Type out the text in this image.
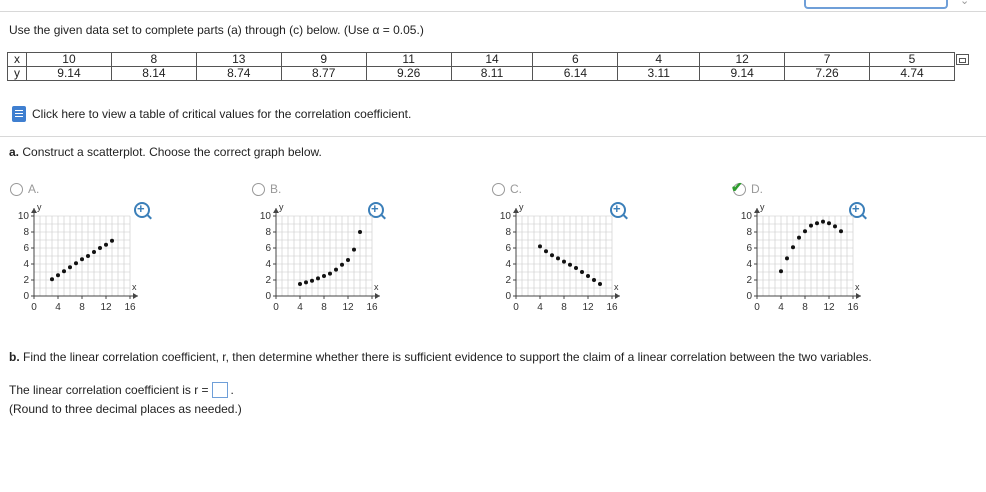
⌄
Use the given data set to complete parts (a) through (c) below. (Use α = 0.05.)
x	10	8	13	9	11	14	6	4	12	7	5
y	9.14	8.14	8.74	8.77	9.26	8.11	6.14	3.11	9.14	7.26	4.74
Click here to view a table of critical values for the correlation coefficient.
a. Construct a scatterplot. Choose the correct graph below.
A.
+
0 4 8 12 16
0
2
4
6
8
10
x
y
B.
+
0 4 8 12 16
0
2
4
6
8
10
x
y
C.
+
0 4 8 12 16
0
2
4
6
8
10
x
y
✔ D.
+
0 4 8 12 16
0
2
4
6
8
10
x
y
b. Find the linear correlation coefficient, r, then determine whether there is sufficient evidence to support the claim of a linear correlation between the two variables.
The linear correlation coefficient is r = .
(Round to three decimal places as needed.)
